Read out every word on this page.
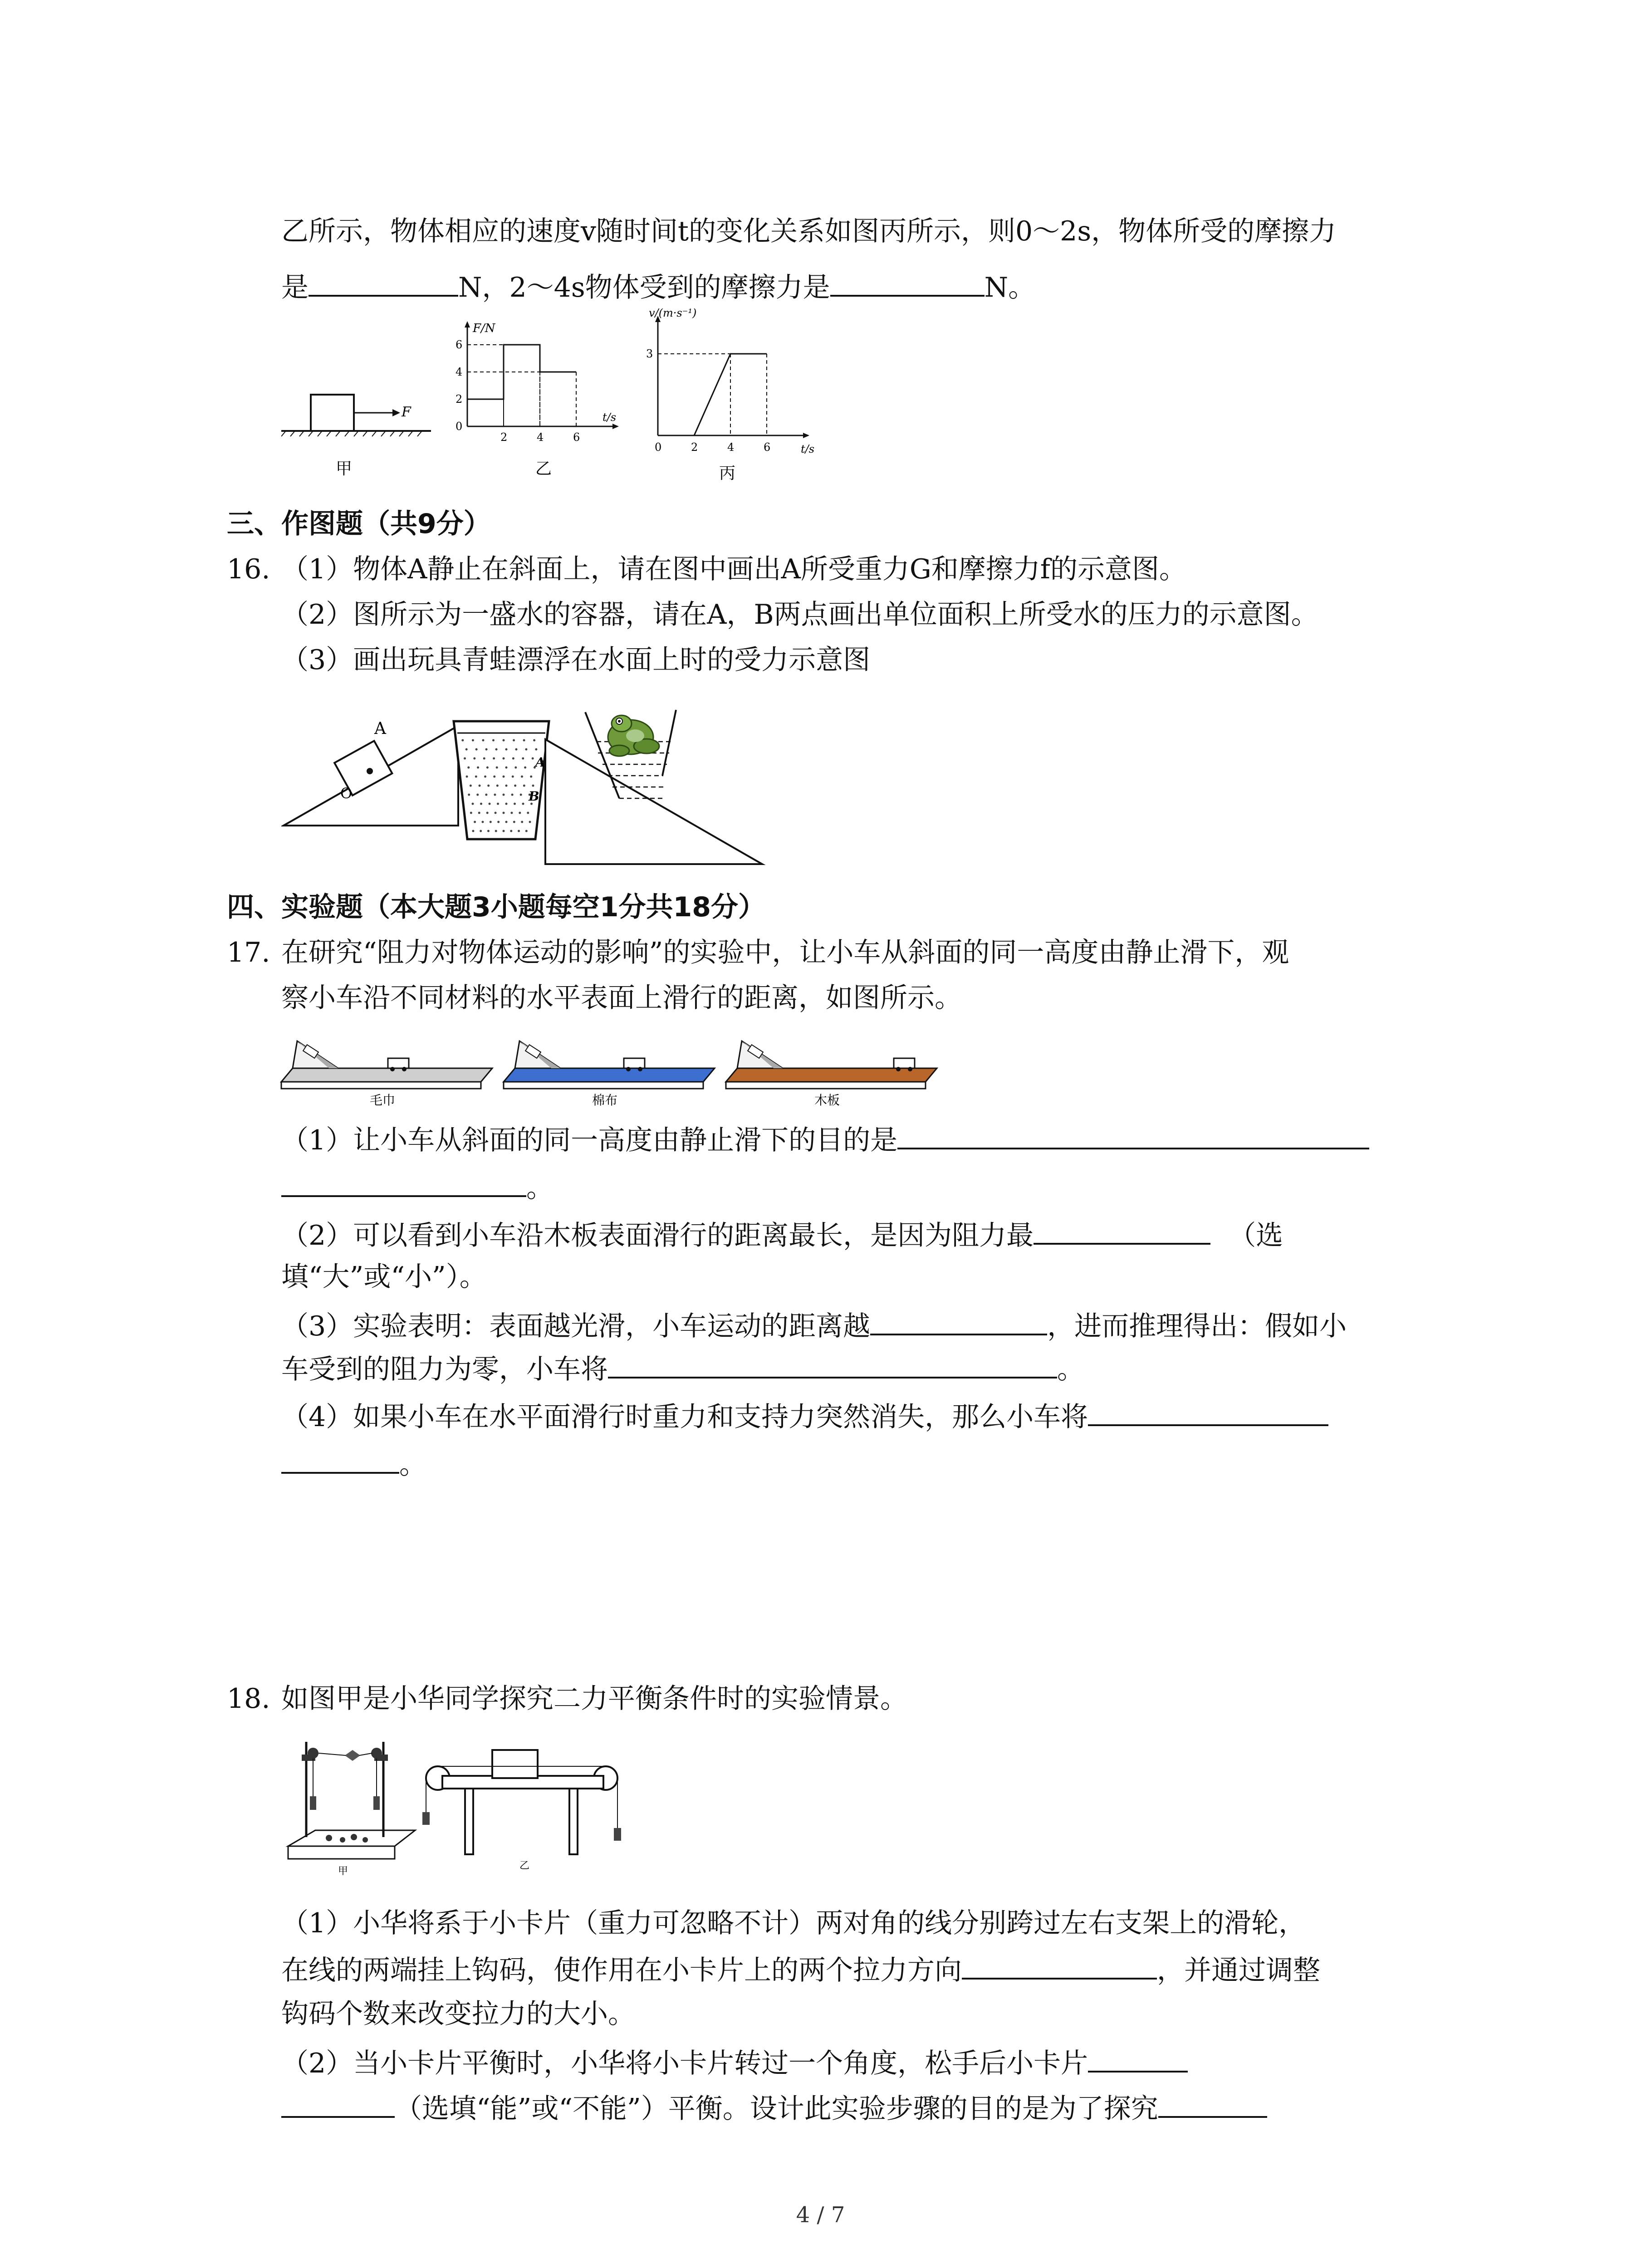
乙所示，物体相应的速度v随时间t的变化关系如图丙所示，则0～2s，物体所受的摩擦力
是	N，2～4s物体受到的摩擦力是	N。
F
甲
F/N
t/s
0
2
4
6
2	4	6
乙
v/(m·s⁻¹)
t/s
3
0	2	4	6
丙
三、作图题（共9分）
16. （1）物体A静止在斜面上，请在图中画出A所受重力G和摩擦力f的示意图。
（2）图所示为一盛水的容器，请在A，B两点画出单位面积上所受水的压力的示意图。
（3）画出玩具青蛙漂浮在水面上时的受力示意图
A
O
A
B
四、实验题（本大题3小题每空1分共18分）
17. 在研究“阻力对物体运动的影响”的实验中，让小车从斜面的同一高度由静止滑下，观
察小车沿不同材料的水平表面上滑行的距离，如图所示。
毛巾	棉布	木板
（1）让小车从斜面的同一高度由静止滑下的目的是
。
（2）可以看到小车沿木板表面滑行的距离最长，是因为阻力最	（选
填“大”或“小”）。
（3）实验表明：表面越光滑，小车运动的距离越	，进而推理得出：假如小
车受到的阻力为零，小车将	。
（4）如果小车在水平面滑行时重力和支持力突然消失，那么小车将
。
18. 如图甲是小华同学探究二力平衡条件时的实验情景。
甲	乙
（1）小华将系于小卡片（重力可忽略不计）两对角的线分别跨过左右支架上的滑轮，
在线的两端挂上钩码，使作用在小卡片上的两个拉力方向	，并通过调整
钩码个数来改变拉力的大小。
（2）当小卡片平衡时，小华将小卡片转过一个角度，松手后小卡片
（选填“能”或“不能”）平衡。设计此实验步骤的目的是为了探究
4 / 7
